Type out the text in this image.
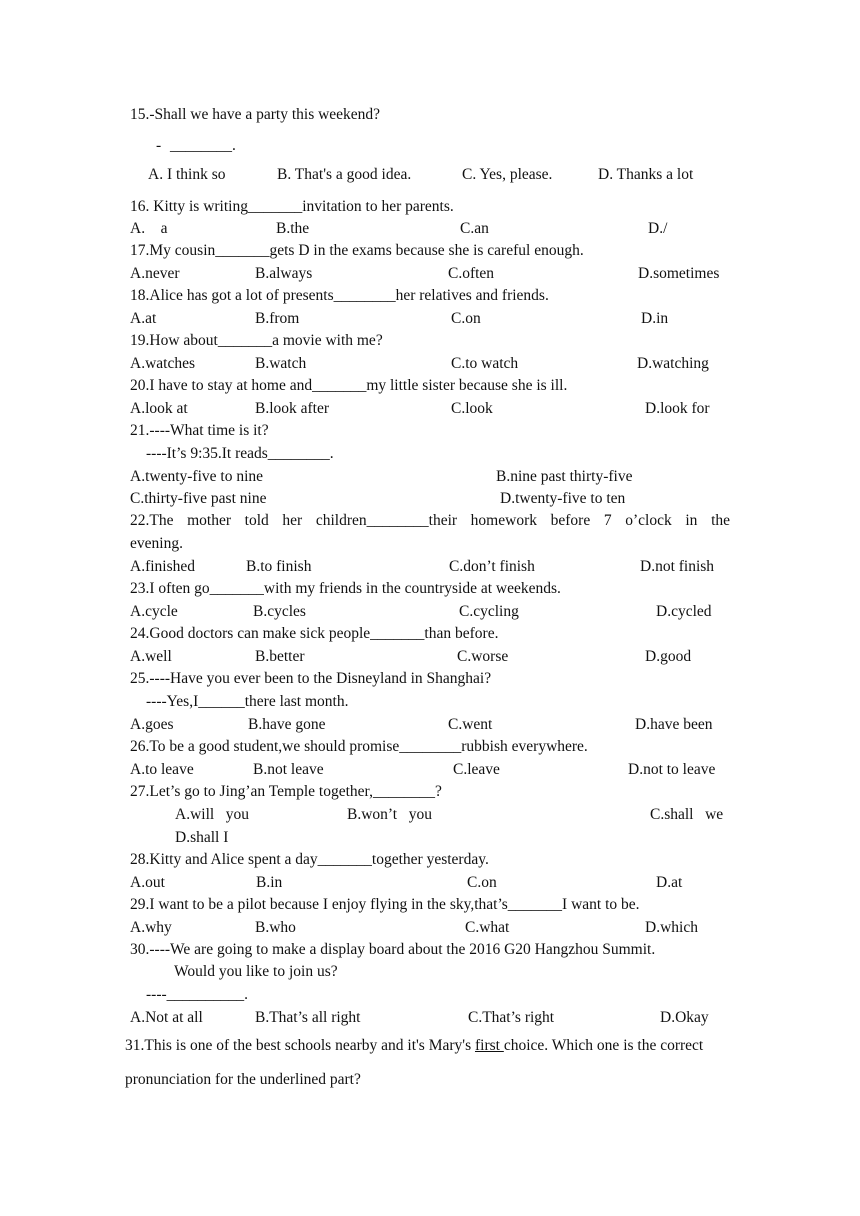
15.-Shall we have a party this weekend?
- ________.
A. I think so	B. That's a good idea.	C. Yes, please.	D. Thanks a lot
16. Kitty is writing_______invitation to her parents.
A.    a	B.the	C.an	D./
17.My cousin_______gets D in the exams because she is careful enough.
A.never	B.always	C.often	D.sometimes
18.Alice has got a lot of presents________her relatives and friends.
A.at	B.from	C.on	D.in
19.How about_______a movie with me?
A.watches	B.watch	C.to watch	D.watching
20.I have to stay at home and_______my little sister because she is ill.
A.look at	B.look after	C.look	D.look for
21.----What time is it?
----It’s 9:35.It reads________.
A.twenty-five to nine	B.nine past thirty-five
C.thirty-five past nine	D.twenty-five to ten
22.The mother told her children________their homework before 7 o’clock in the
evening.
A.finished	B.to finish	C.don’t finish	D.not finish
23.I often go_______with my friends in the countryside at weekends.
A.cycle	B.cycles	C.cycling	D.cycled
24.Good doctors can make sick people_______than before.
A.well	B.better	C.worse	D.good
25.----Have you ever been to the Disneyland in Shanghai?
----Yes,I______there last month.
A.goes	B.have gone	C.went	D.have been
26.To be a good student,we should promise________rubbish everywhere.
A.to leave	B.not leave	C.leave	D.not to leave
27.Let’s go to Jing’an Temple together,________?
A.will   you	B.won’t   you	C.shall   we
D.shall I
28.Kitty and Alice spent a day_______together yesterday.
A.out	B.in	C.on	D.at
29.I want to be a pilot because I enjoy flying in the sky,that’s_______I want to be.
A.why	B.who	C.what	D.which
30.----We are going to make a display board about the 2016 G20 Hangzhou Summit.
Would you like to join us?
----__________.
A.Not at all	B.That’s all right	C.That’s right	D.Okay
31.This is one of the best schools nearby and it's Mary's first choice. Which one is the correct
pronunciation for the underlined part?
